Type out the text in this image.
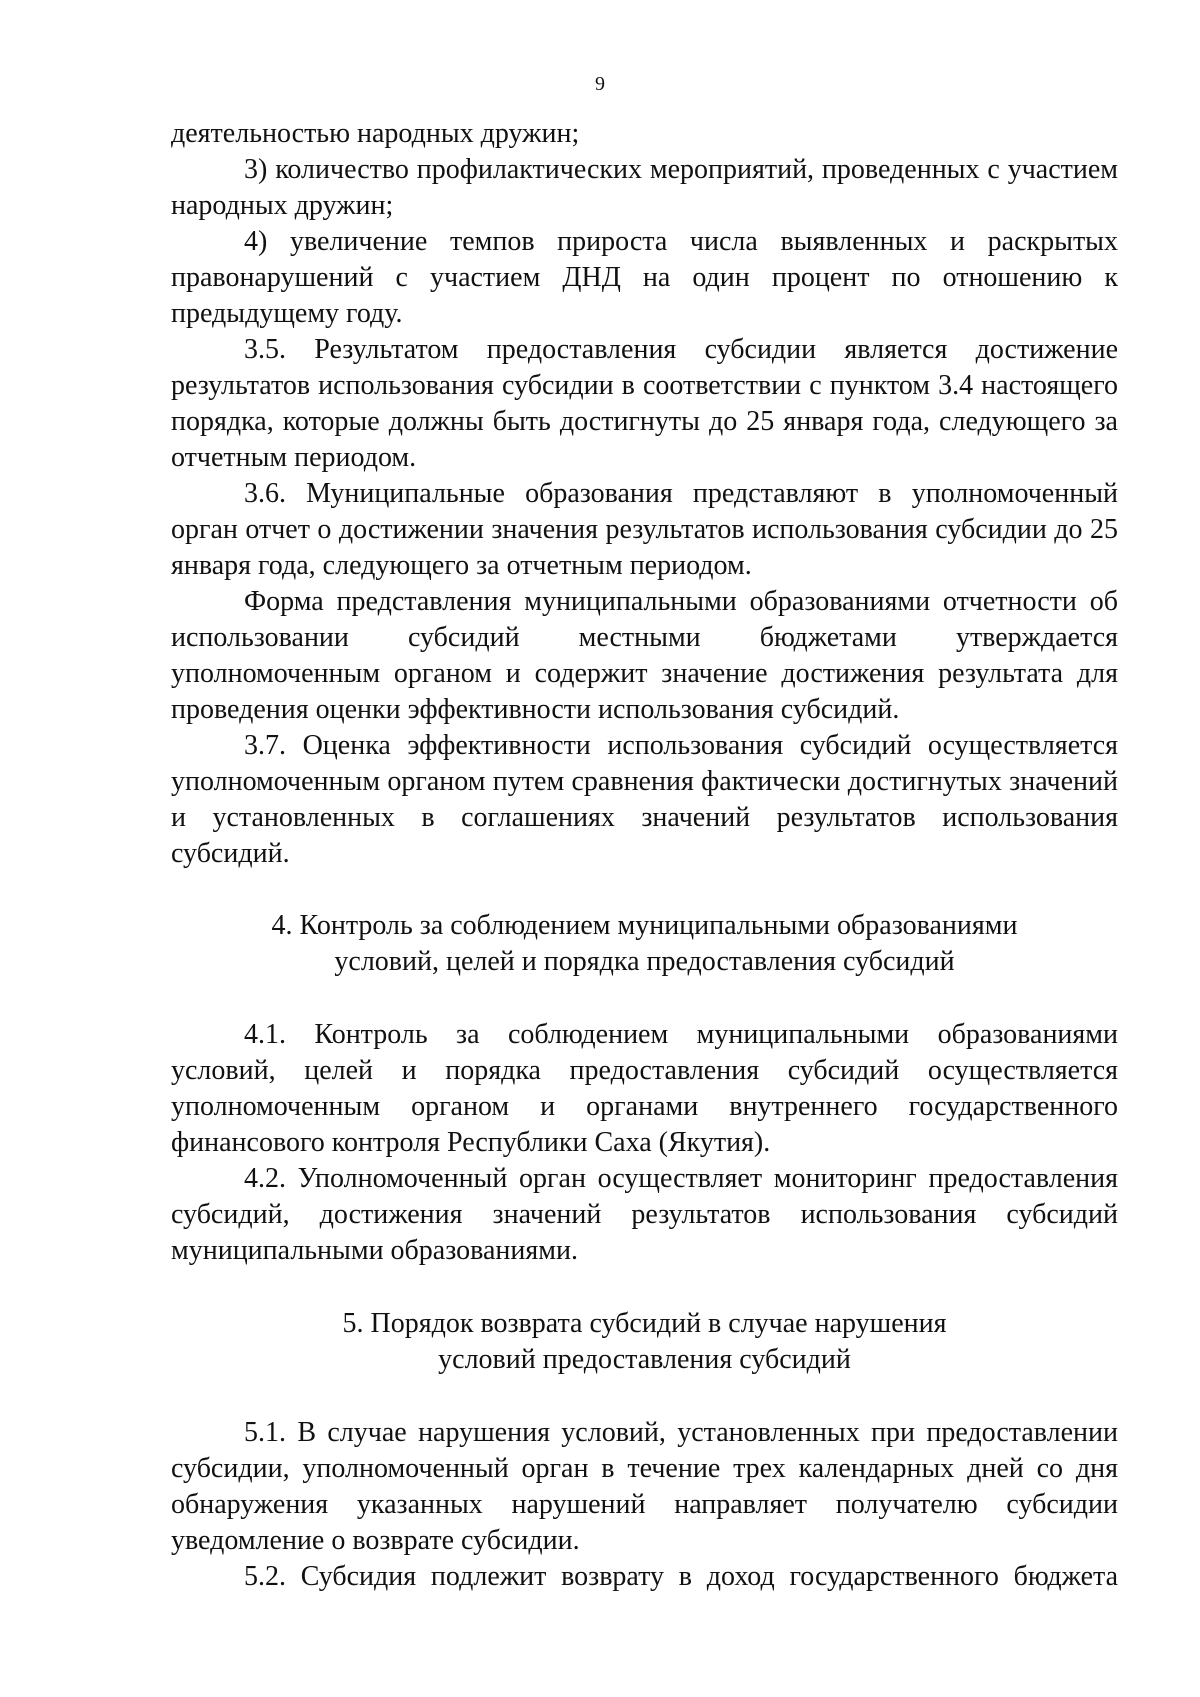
9

деятельностью народных дружин;

3) количество профилактических мероприятий, проведенных с участием народных дружин;

4) увеличение темпов прироста числа выявленных и раскрытых правонарушений с участием ДНД на один процент по отношению к предыдущему году.

3.5. Результатом предоставления субсидии является достижение результатов использования субсидии в соответствии с пунктом 3.4 настоящего порядка, которые должны быть достигнуты до 25 января года, следующего за отчетным периодом.

3.6. Муниципальные образования представляют в уполномоченный орган отчет о достижении значения результатов использования субсидии до 25 января года, следующего за отчетным периодом.

Форма представления муниципальными образованиями отчетности об использовании субсидий местными бюджетами утверждается уполномоченным органом и содержит значение достижения результата для проведения оценки эффективности использования субсидий.

3.7. Оценка эффективности использования субсидий осуществляется уполномоченным органом путем сравнения фактически достигнутых значений и установленных в соглашениях значений результатов использования субсидий.

4. Контроль за соблюдением муниципальными образованиями
условий, целей и порядка предоставления субсидий

4.1. Контроль за соблюдением муниципальными образованиями условий, целей и порядка предоставления субсидий осуществляется уполномоченным органом и органами внутреннего государственного финансового контроля Республики Саха (Якутия).

4.2. Уполномоченный орган осуществляет мониторинг предоставления субсидий, достижения значений результатов использования субсидий муниципальными образованиями.

5. Порядок возврата субсидий в случае нарушения
условий предоставления субсидий

5.1. В случае нарушения условий, установленных при предоставлении субсидии, уполномоченный орган в течение трех календарных дней со дня обнаружения указанных нарушений направляет получателю субсидии уведомление о возврате субсидии.

5.2. Субсидия подлежит возврату в доход государственного бюджета
